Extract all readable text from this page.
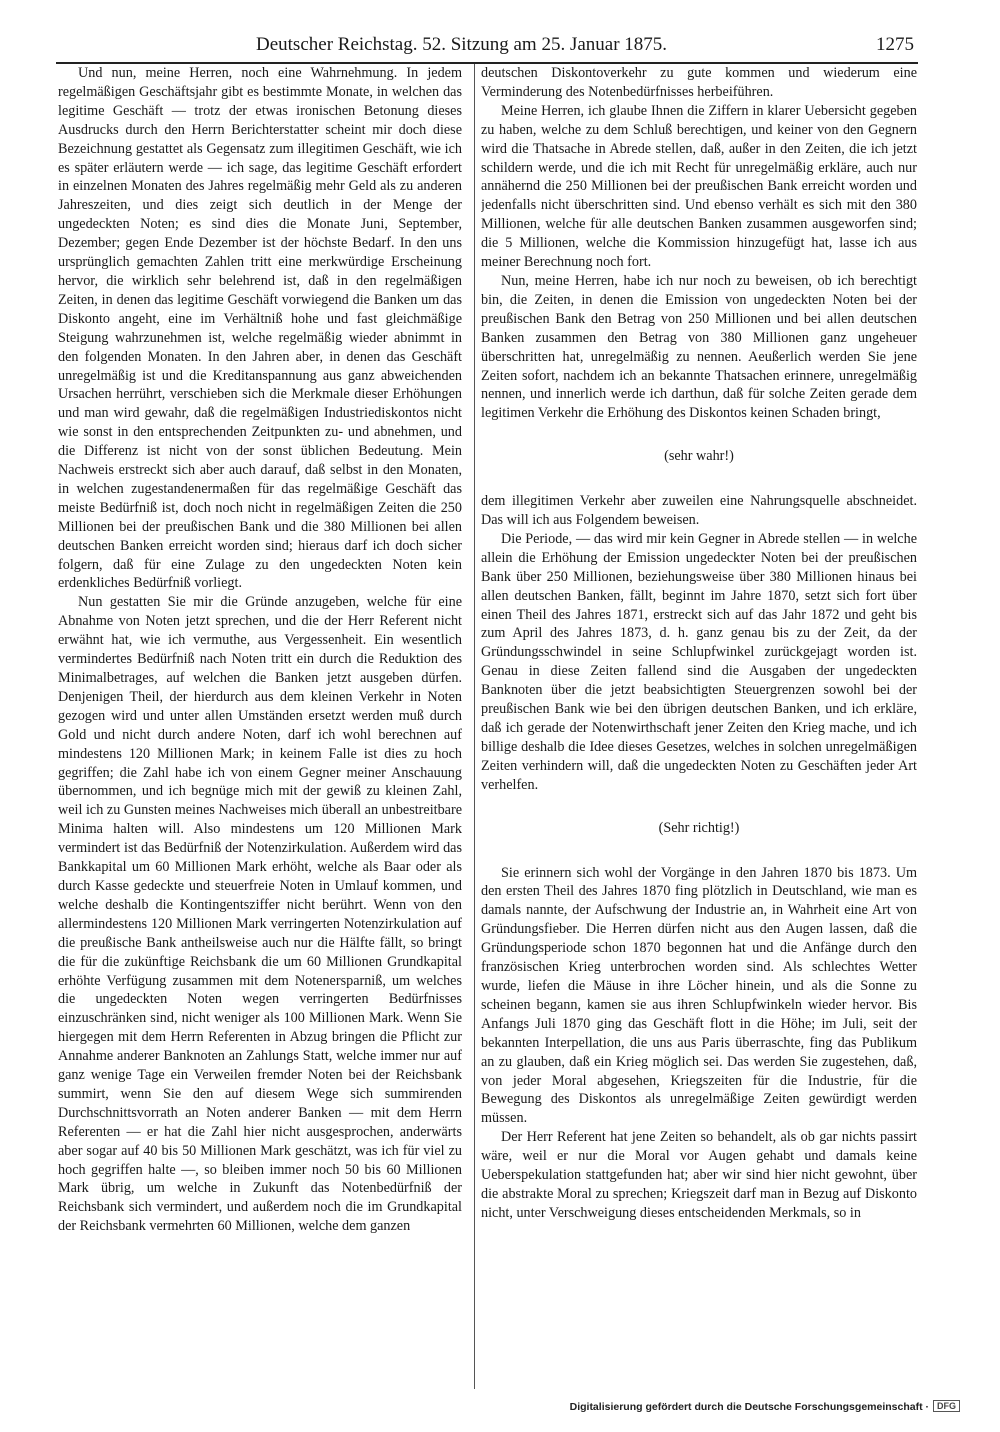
Deutscher Reichstag. 52. Sitzung am 25. Januar 1875.	1275

Und nun, meine Herren, noch eine Wahrnehmung. In jedem regelmäßigen Geschäftsjahr gibt es bestimmte Monate, in welchen das legitime Geschäft — trotz der etwas ironischen Betonung dieses Ausdrucks durch den Herrn Berichterstatter scheint mir doch diese Bezeichnung gestattet als Gegensatz zum illegitimen Geschäft, wie ich es später erläutern werde — ich sage, das legitime Geschäft erfordert in einzelnen Monaten des Jahres regelmäßig mehr Geld als zu anderen Jahreszeiten, und dies zeigt sich deutlich in der Menge der ungedeckten Noten; es sind dies die Monate Juni, September, Dezember; gegen Ende Dezember ist der höchste Bedarf. In den uns ursprünglich gemachten Zahlen tritt eine merkwürdige Erscheinung hervor, die wirklich sehr belehrend ist, daß in den regelmäßigen Zeiten, in denen das legitime Geschäft vorwiegend die Banken um das Diskonto angeht, eine im Verhältniß hohe und fast gleichmäßige Steigung wahrzunehmen ist, welche regelmäßig wieder abnimmt in den folgenden Monaten. In den Jahren aber, in denen das Geschäft unregelmäßig ist und die Kreditanspannung aus ganz abweichenden Ursachen herrührt, verschieben sich die Merkmale dieser Erhöhungen und man wird gewahr, daß die regelmäßigen Industriediskontos nicht wie sonst in den entsprechenden Zeitpunkten zu- und abnehmen, und die Differenz ist nicht von der sonst üblichen Bedeutung. Mein Nachweis erstreckt sich aber auch darauf, daß selbst in den Monaten, in welchen zugestandenermaßen für das regelmäßige Geschäft das meiste Bedürfniß ist, doch noch nicht in regelmäßigen Zeiten die 250 Millionen bei der preußischen Bank und die 380 Millionen bei allen deutschen Banken erreicht worden sind; hieraus darf ich doch sicher folgern, daß für eine Zulage zu den ungedeckten Noten kein erdenkliches Bedürfniß vorliegt.

Nun gestatten Sie mir die Gründe anzugeben, welche für eine Abnahme von Noten jetzt sprechen, und die der Herr Referent nicht erwähnt hat, wie ich vermuthe, aus Vergessenheit. Ein wesentlich vermindertes Bedürfniß nach Noten tritt ein durch die Reduktion des Minimalbetrages, auf welchen die Banken jetzt ausgeben dürfen. Denjenigen Theil, der hierdurch aus dem kleinen Verkehr in Noten gezogen wird und unter allen Umständen ersetzt werden muß durch Gold und nicht durch andere Noten, darf ich wohl berechnen auf mindestens 120 Millionen Mark; in keinem Falle ist dies zu hoch gegriffen; die Zahl habe ich von einem Gegner meiner Anschauung übernommen, und ich begnüge mich mit der gewiß zu kleinen Zahl, weil ich zu Gunsten meines Nachweises mich überall an unbestreitbare Minima halten will. Also mindestens um 120 Millionen Mark vermindert ist das Bedürfniß der Notenzirkulation. Außerdem wird das Bankkapital um 60 Millionen Mark erhöht, welche als Baar oder als durch Kasse gedeckte und steuerfreie Noten in Umlauf kommen, und welche deshalb die Kontingentsziffer nicht berührt. Wenn von den allermindestens 120 Millionen Mark verringerten Notenzirkulation auf die preußische Bank antheilsweise auch nur die Hälfte fällt, so bringt die für die zukünftige Reichsbank die um 60 Millionen Grundkapital erhöhte Verfügung zusammen mit dem Notenersparniß, um welches die ungedeckten Noten wegen verringerten Bedürfnisses einzuschränken sind, nicht weniger als 100 Millionen Mark. Wenn Sie hiergegen mit dem Herrn Referenten in Abzug bringen die Pflicht zur Annahme anderer Banknoten an Zahlungs Statt, welche immer nur auf ganz wenige Tage ein Verweilen fremder Noten bei der Reichsbank summirt, wenn Sie den auf diesem Wege sich summirenden Durchschnittsvorrath an Noten anderer Banken — mit dem Herrn Referenten — er hat die Zahl hier nicht ausgesprochen, anderwärts aber sogar auf 40 bis 50 Millionen Mark geschätzt, was ich für viel zu hoch gegriffen halte —, so bleiben immer noch 50 bis 60 Millionen Mark übrig, um welche in Zukunft das Notenbedürfniß der Reichsbank sich vermindert, und außerdem noch die im Grundkapital der Reichsbank vermehrten 60 Millionen, welche dem ganzen

deutschen Diskontoverkehr zu gute kommen und wiederum eine Verminderung des Notenbedürfnisses herbeiführen.

Meine Herren, ich glaube Ihnen die Ziffern in klarer Uebersicht gegeben zu haben, welche zu dem Schluß berechtigen, und keiner von den Gegnern wird die Thatsache in Abrede stellen, daß, außer in den Zeiten, die ich jetzt schildern werde, und die ich mit Recht für unregelmäßig erkläre, auch nur annähernd die 250 Millionen bei der preußischen Bank erreicht worden und jedenfalls nicht überschritten sind. Und ebenso verhält es sich mit den 380 Millionen, welche für alle deutschen Banken zusammen ausgeworfen sind; die 5 Millionen, welche die Kommission hinzugefügt hat, lasse ich aus meiner Berechnung noch fort.

Nun, meine Herren, habe ich nur noch zu beweisen, ob ich berechtigt bin, die Zeiten, in denen die Emission von ungedeckten Noten bei der preußischen Bank den Betrag von 250 Millionen und bei allen deutschen Banken zusammen den Betrag von 380 Millionen ganz ungeheuer überschritten hat, unregelmäßig zu nennen. Aeußerlich werden Sie jene Zeiten sofort, nachdem ich an bekannte Thatsachen erinnere, unregelmäßig nennen, und innerlich werde ich darthun, daß für solche Zeiten gerade dem legitimen Verkehr die Erhöhung des Diskontos keinen Schaden bringt,

(sehr wahr!)

dem illegitimen Verkehr aber zuweilen eine Nahrungsquelle abschneidet. Das will ich aus Folgendem beweisen.

Die Periode, — das wird mir kein Gegner in Abrede stellen — in welche allein die Erhöhung der Emission ungedeckter Noten bei der preußischen Bank über 250 Millionen, beziehungsweise über 380 Millionen hinaus bei allen deutschen Banken, fällt, beginnt im Jahre 1870, setzt sich fort über einen Theil des Jahres 1871, erstreckt sich auf das Jahr 1872 und geht bis zum April des Jahres 1873, d. h. ganz genau bis zu der Zeit, da der Gründungsschwindel in seine Schlupfwinkel zurückgejagt worden ist. Genau in diese Zeiten fallend sind die Ausgaben der ungedeckten Banknoten über die jetzt beabsichtigten Steuergrenzen sowohl bei der preußischen Bank wie bei den übrigen deutschen Banken, und ich erkläre, daß ich gerade der Notenwirthschaft jener Zeiten den Krieg mache, und ich billige deshalb die Idee dieses Gesetzes, welches in solchen unregelmäßigen Zeiten verhindern will, daß die ungedeckten Noten zu Geschäften jeder Art verhelfen.

(Sehr richtig!)

Sie erinnern sich wohl der Vorgänge in den Jahren 1870 bis 1873. Um den ersten Theil des Jahres 1870 fing plötzlich in Deutschland, wie man es damals nannte, der Aufschwung der Industrie an, in Wahrheit eine Art von Gründungsfieber. Die Herren dürfen nicht aus den Augen lassen, daß die Gründungsperiode schon 1870 begonnen hat und die Anfänge durch den französischen Krieg unterbrochen worden sind. Als schlechtes Wetter wurde, liefen die Mäuse in ihre Löcher hinein, und als die Sonne zu scheinen begann, kamen sie aus ihren Schlupfwinkeln wieder hervor. Bis Anfangs Juli 1870 ging das Geschäft flott in die Höhe; im Juli, seit der bekannten Interpellation, die uns aus Paris überraschte, fing das Publikum an zu glauben, daß ein Krieg möglich sei. Das werden Sie zugestehen, daß, von jeder Moral abgesehen, Kriegszeiten für die Industrie, für die Bewegung des Diskontos als unregelmäßige Zeiten gewürdigt werden müssen.

Der Herr Referent hat jene Zeiten so behandelt, als ob gar nichts passirt wäre, weil er nur die Moral vor Augen gehabt und damals keine Ueberspekulation stattgefunden hat; aber wir sind hier nicht gewohnt, über die abstrakte Moral zu sprechen; Kriegszeit darf man in Bezug auf Diskonto nicht, unter Verschweigung dieses entscheidenden Merkmals, so in

Digitalisierung gefördert durch die Deutsche Forschungsgemeinschaft · DFG
